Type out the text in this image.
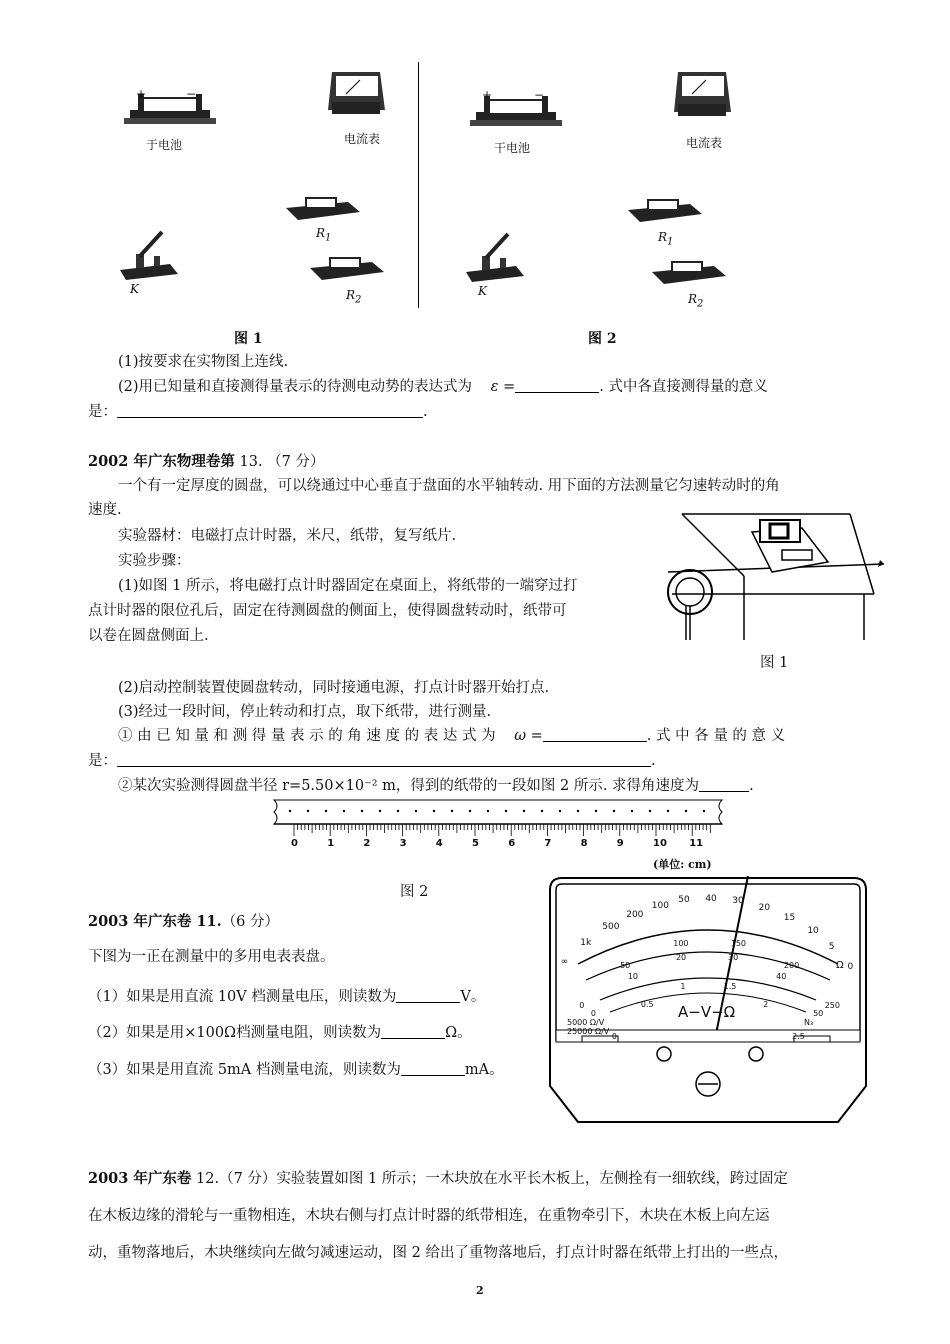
+	−
于电池	电流表
$R_1$
K	$R_2$
+	−
干电池	电流表
$R_1$
K
$R_2$
图 1	图 2
(1)按要求在实物图上连线.
(2)用已知量和直接测得量表示的待测电动势的表达式为 ε =	. 式中各直接测得量的意义
是：	.
2002 年广东物理卷第 13. （7 分）
一个有一定厚度的圆盘，可以绕通过中心垂直于盘面的水平轴转动. 用下面的方法测量它匀速转动时的角
速度.
实验器材：电磁打点计时器，米尺，纸带，复写纸片.
实验步骤：
(1)如图 1 所示，将电磁打点计时器固定在桌面上，将纸带的一端穿过打
点计时器的限位孔后，固定在待测圆盘的侧面上，使得圆盘转动时，纸带可
以卷在圆盘侧面上.
图 1
(2)启动控制装置使圆盘转动，同时接通电源，打点计时器开始打点.
(3)经过一段时间，停止转动和打点，取下纸带，进行测量.
① 由 已 知 量 和 测 得 量 表 示 的 角 速 度 的 表 达 式 为 ω =	. 式 中 各 量 的 意 义
是：	.
②某次实验测得圆盘半径 r=5.50×10⁻² m，得到的纸带的一段如图 2 所示. 求得角速度为	.
0	1	2	3	4	5	6	7	8	9	10 11
(单位: cm)
图 2
2003 年广东卷 11.（6 分）
下图为一正在测量中的多用电表表盘。
（1）如果是用直流 10V 档测量电压，则读数为	V。
（2）如果是用×100Ω档测量电阻，则读数为	Ω。
（3）如果是用直流 5mA 档测量电流，则读数为	mA。
∞
1k
500
200
100
50 40 30
20
15
10
5
0
0
50
100	150
200
250
0
10
20	30
40
50
0
0.5
1	1.5
2
2.5
A−V−Ω
5000 Ω/V
25000 Ω/V
Ω
N₃
2003 年广东卷 12.（7 分）实验装置如图 1 所示；一木块放在水平长木板上，左侧拴有一细软线，跨过固定
在木板边缘的滑轮与一重物相连，木块右侧与打点计时器的纸带相连，在重物牵引下，木块在木板上向左运
动，重物落地后，木块继续向左做匀减速运动，图 2 给出了重物落地后，打点计时器在纸带上打出的一些点，
2
